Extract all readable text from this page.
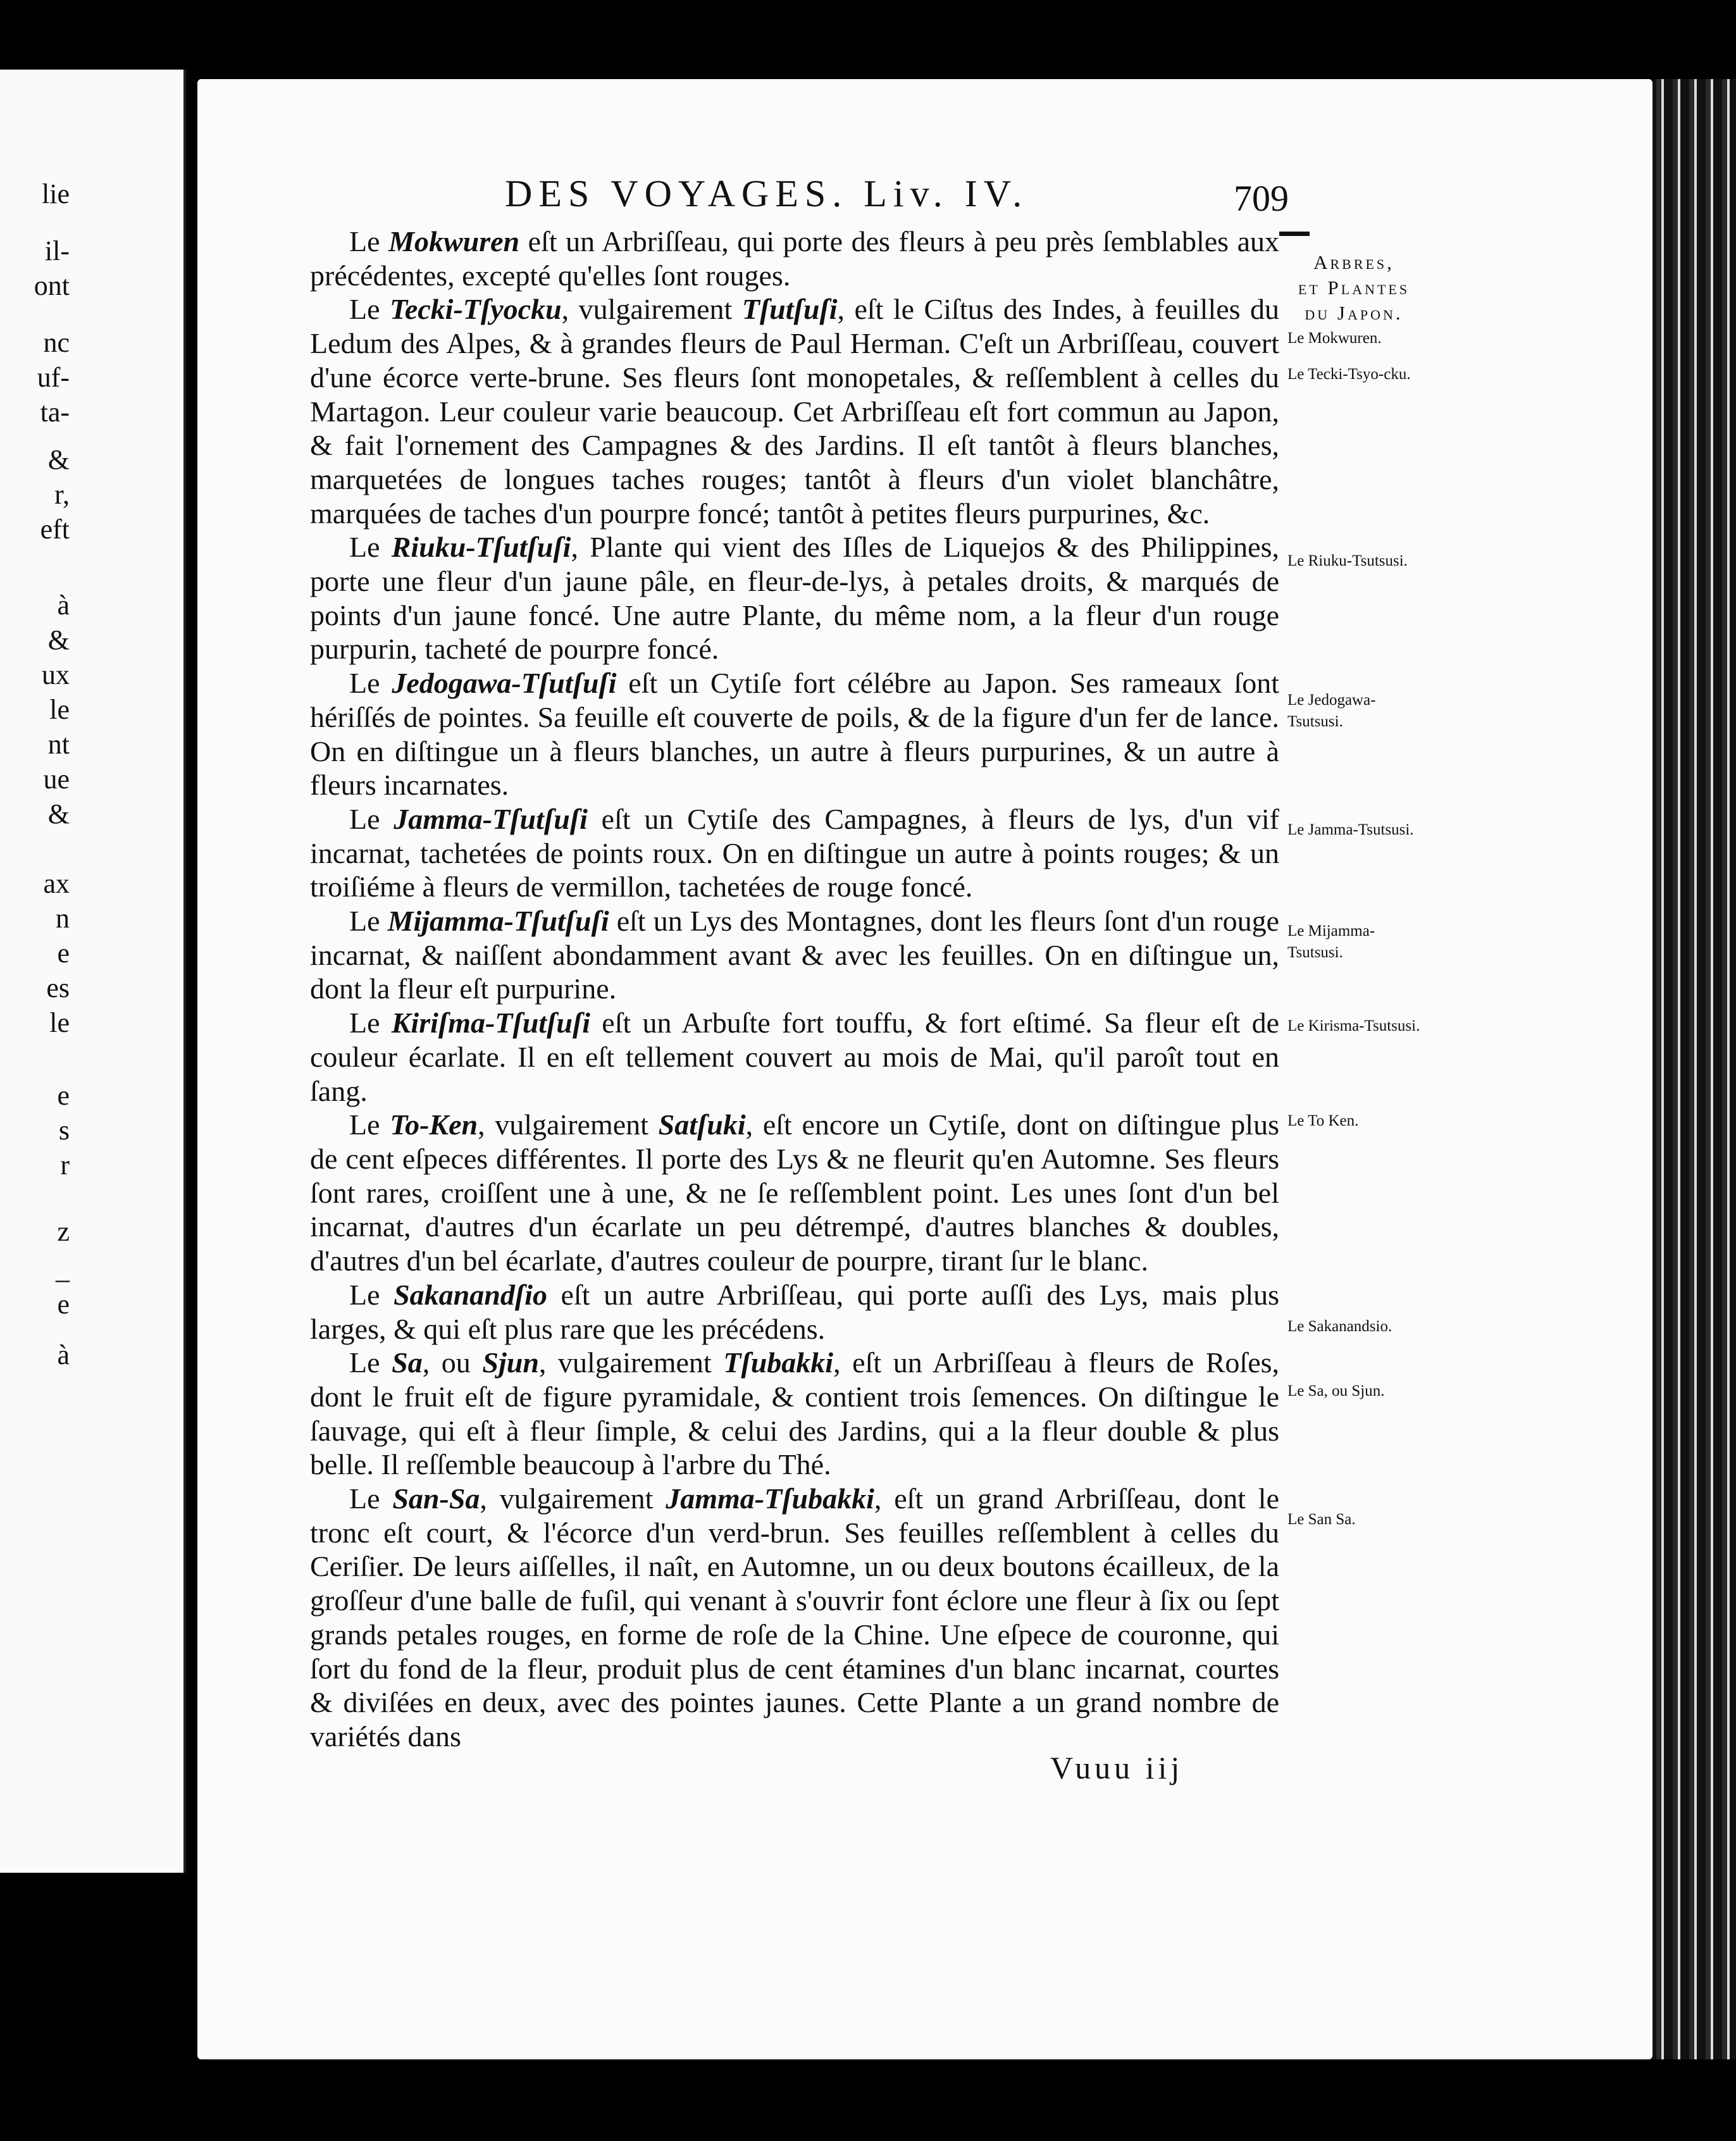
lie
il-
ont
nc
uf-
ta-
&
r,
eft
à
&
ux
le
nt
ue
&
ax
n
e
es
le
e
s
r
z
_
e
à
DES VOYAGES. Liv. IV.	709
Arbres,
et Plantes
du Japon.
Le Mokwuren.
Le Tecki-Tsyo-cku.
Le Riuku-Tsutsusi.
Le Jedogawa-Tsutsusi.
Le Jamma-Tsutsusi.
Le Mijamma-Tsutsusi.
Le Kirisma-Tsutsusi.
Le To Ken.
Le Sakanandsio.
Le Sa, ou Sjun.
Le San Sa.

Le Mokwuren eſt un Arbriſſeau, qui porte des fleurs à peu près ſemblables aux précédentes, excepté qu'elles ſont rouges.

Le Tecki-Tſyocku, vulgairement Tſutſuſi, eſt le Ciſtus des Indes, à feuilles du Ledum des Alpes, & à grandes fleurs de Paul Herman. C'eſt un Arbriſſeau, couvert d'une écorce verte-brune. Ses fleurs ſont monopetales, & reſſemblent à celles du Martagon. Leur couleur varie beaucoup. Cet Arbriſſeau eſt fort commun au Japon, & fait l'ornement des Campagnes & des Jardins. Il eſt tantôt à fleurs blanches, marquetées de longues taches rouges; tantôt à fleurs d'un violet blanchâtre, marquées de taches d'un pourpre foncé; tantôt à petites fleurs purpurines, &c.

Le Riuku-Tſutſuſi, Plante qui vient des Iſles de Liquejos & des Philippines, porte une fleur d'un jaune pâle, en fleur-de-lys, à petales droits, & marqués de points d'un jaune foncé. Une autre Plante, du même nom, a la fleur d'un rouge purpurin, tacheté de pourpre foncé.

Le Jedogawa-Tſutſuſi eſt un Cytiſe fort célébre au Japon. Ses rameaux ſont hériſſés de pointes. Sa feuille eſt couverte de poils, & de la figure d'un fer de lance. On en diſtingue un à fleurs blanches, un autre à fleurs purpurines, & un autre à fleurs incarnates.

Le Jamma-Tſutſuſi eſt un Cytiſe des Campagnes, à fleurs de lys, d'un vif incarnat, tachetées de points roux. On en diſtingue un autre à points rouges; & un troiſiéme à fleurs de vermillon, tachetées de rouge foncé.

Le Mijamma-Tſutſuſi eſt un Lys des Montagnes, dont les fleurs ſont d'un rouge incarnat, & naiſſent abondamment avant & avec les feuilles. On en diſtingue un, dont la fleur eſt purpurine.

Le Kiriſma-Tſutſuſi eſt un Arbuſte fort touffu, & fort eſtimé. Sa fleur eſt de couleur écarlate. Il en eſt tellement couvert au mois de Mai, qu'il paroît tout en ſang.

Le To-Ken, vulgairement Satſuki, eſt encore un Cytiſe, dont on diſtingue plus de cent eſpeces différentes. Il porte des Lys & ne fleurit qu'en Automne. Ses fleurs ſont rares, croiſſent une à une, & ne ſe reſſemblent point. Les unes ſont d'un bel incarnat, d'autres d'un écarlate un peu détrempé, d'autres blanches & doubles, d'autres d'un bel écarlate, d'autres couleur de pourpre, tirant ſur le blanc.

Le Sakanandſio eſt un autre Arbriſſeau, qui porte auſſi des Lys, mais plus larges, & qui eſt plus rare que les précédens.

Le Sa, ou Sjun, vulgairement Tſubakki, eſt un Arbriſſeau à fleurs de Roſes, dont le fruit eſt de figure pyramidale, & contient trois ſemences. On diſtingue le ſauvage, qui eſt à fleur ſimple, & celui des Jardins, qui a la fleur double & plus belle. Il reſſemble beaucoup à l'arbre du Thé.

Le San-Sa, vulgairement Jamma-Tſubakki, eſt un grand Arbriſſeau, dont le tronc eſt court, & l'écorce d'un verd-brun. Ses feuilles reſſemblent à celles du Ceriſier. De leurs aiſſelles, il naît, en Automne, un ou deux boutons écailleux, de la groſſeur d'une balle de fuſil, qui venant à s'ouvrir font éclore une fleur à ſix ou ſept grands petales rouges, en forme de roſe de la Chine. Une eſpece de couronne, qui ſort du fond de la fleur, produit plus de cent étamines d'un blanc incarnat, courtes & diviſées en deux, avec des pointes jaunes. Cette Plante a un grand nombre de variétés dans

Vuuu iij
